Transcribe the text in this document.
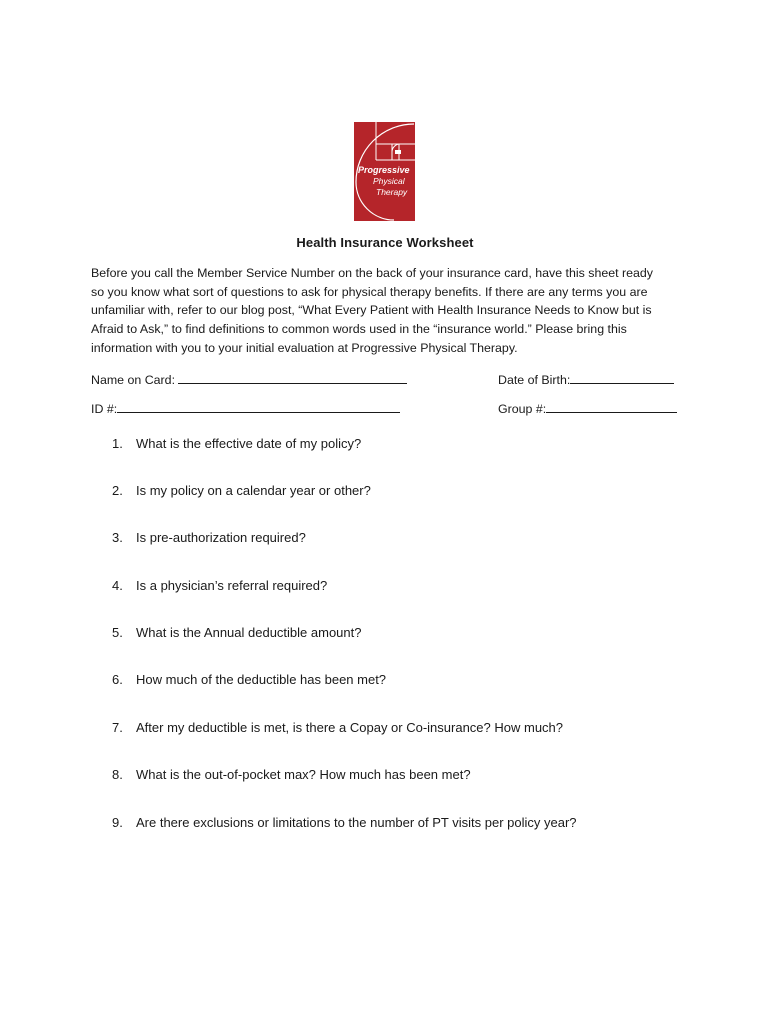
Progressive
Physical
Therapy
Health Insurance Worksheet
Before you call the Member Service Number on the back of your insurance card, have this sheet ready
so you know what sort of questions to ask for physical therapy benefits. If there are any terms you are
unfamiliar with, refer to our blog post, “What Every Patient with Health Insurance Needs to Know but is
Afraid to Ask,” to find definitions to common words used in the “insurance world.” Please bring this
information with you to your initial evaluation at Progressive Physical Therapy.
Name on Card:	Date of Birth:
ID #:	Group #:
1. What is the effective date of my policy?
2. Is my policy on a calendar year or other?
3. Is pre-authorization required?
4. Is a physician’s referral required?
5. What is the Annual deductible amount?
6. How much of the deductible has been met?
7. After my deductible is met, is there a Copay or Co-insurance? How much?
8. What is the out-of-pocket max? How much has been met?
9. Are there exclusions or limitations to the number of PT visits per policy year?
